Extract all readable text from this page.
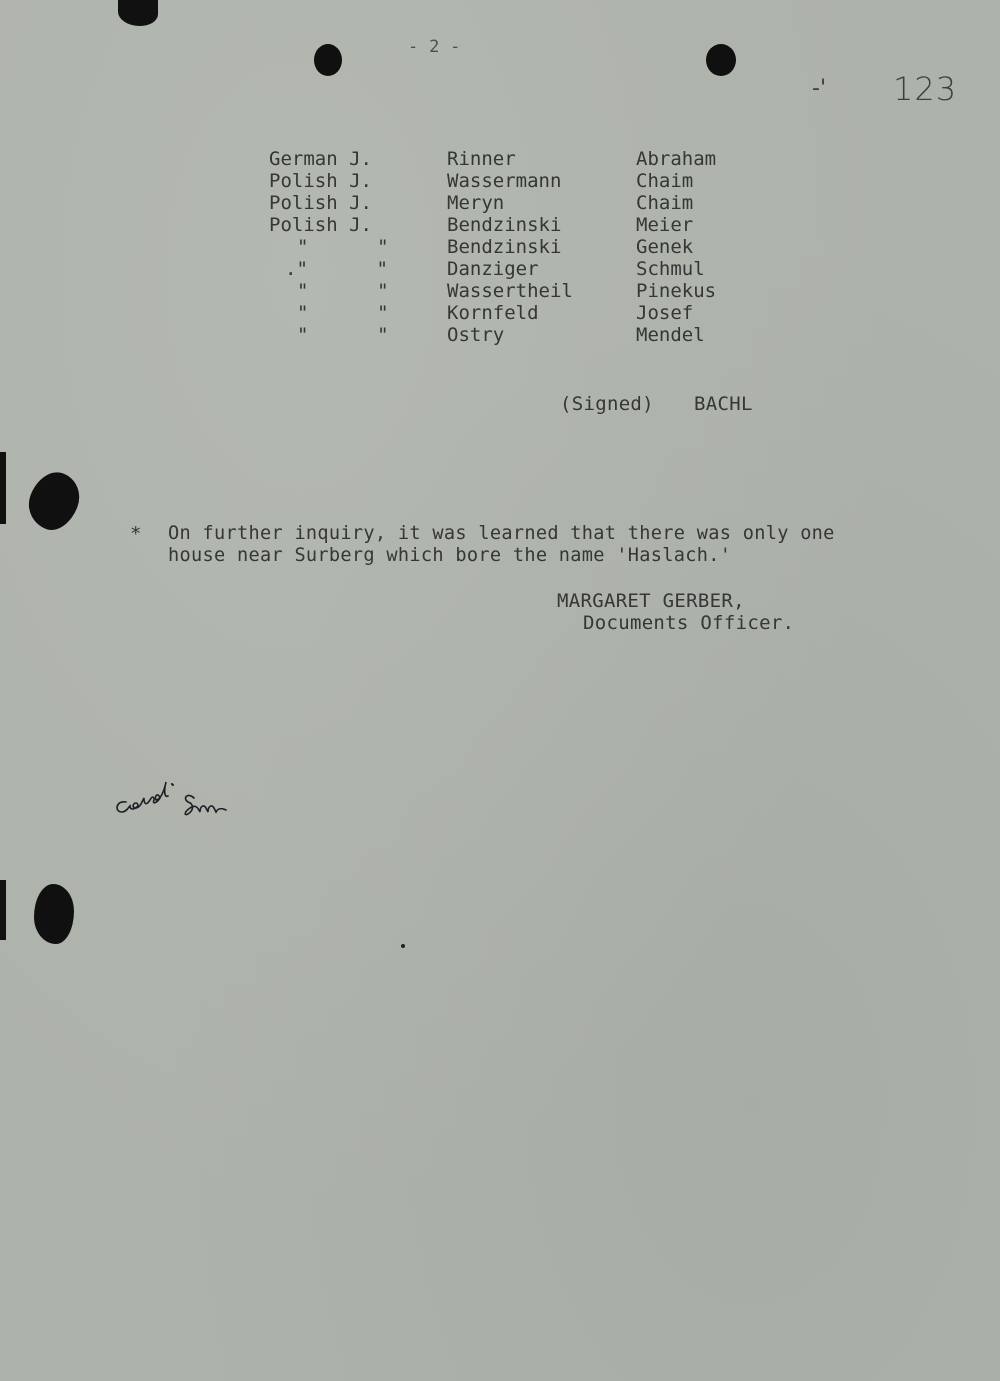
- 2 -
-' 123
German J.	Rinner	Abraham
Polish J.	Wassermann	Chaim
Polish J.	Meryn	Chaim
Polish J.	Bendzinski	Meier
"      "	Bendzinski	Genek
."      "	Danziger	Schmul
"      "	Wassertheil	Pinekus
"      "	Kornfeld	Josef
"      "	Ostry	Mendel
(Signed) BACHL
* On further inquiry, it was learned that there was only one
house near Surberg which bore the name 'Haslach.'
MARGARET GERBER,
Documents Officer.
